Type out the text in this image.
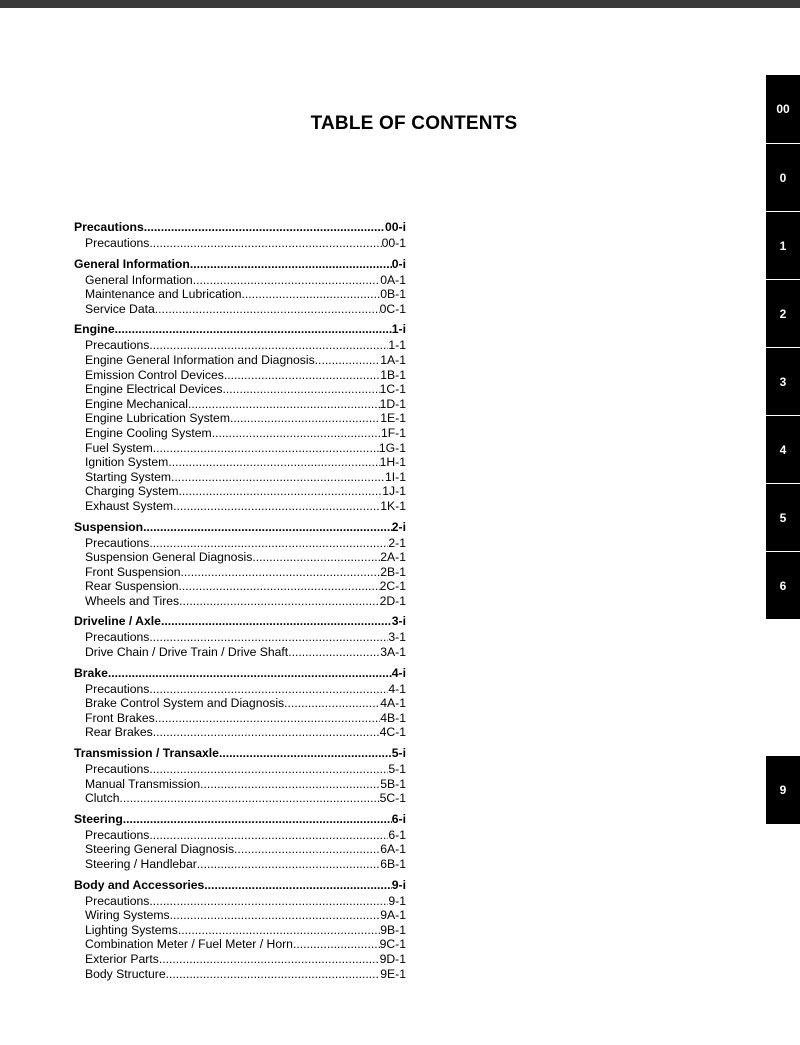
TABLE OF CONTENTS
Precautions .....	00-i
Precautions .....	00-1
General Information .....	0-i
General Information .....	0A-1
Maintenance and Lubrication .....	0B-1
Service Data .....	0C-1
Engine .....	1-i
Precautions .....	1-1
Engine General Information and Diagnosis .....	1A-1
Emission Control Devices .....	1B-1
Engine Electrical Devices .....	1C-1
Engine Mechanical .....	1D-1
Engine Lubrication System .....	1E-1
Engine Cooling System .....	1F-1
Fuel System .....	1G-1
Ignition System .....	1H-1
Starting System .....	1I-1
Charging System .....	1J-1
Exhaust System .....	1K-1
Suspension .....	2-i
Precautions .....	2-1
Suspension General Diagnosis .....	2A-1
Front Suspension .....	2B-1
Rear Suspension .....	2C-1
Wheels and Tires .....	2D-1
Driveline / Axle .....	3-i
Precautions .....	3-1
Drive Chain / Drive Train / Drive Shaft .....	3A-1
Brake .....	4-i
Precautions .....	4-1
Brake Control System and Diagnosis .....	4A-1
Front Brakes .....	4B-1
Rear Brakes .....	4C-1
Transmission / Transaxle .....	5-i
Precautions .....	5-1
Manual Transmission .....	5B-1
Clutch .....	5C-1
Steering .....	6-i
Precautions .....	6-1
Steering General Diagnosis .....	6A-1
Steering / Handlebar .....	6B-1
Body and Accessories .....	9-i
Precautions .....	9-1
Wiring Systems .....	9A-1
Lighting Systems .....	9B-1
Combination Meter / Fuel Meter / Horn .....	9C-1
Exterior Parts .....	9D-1
Body Structure .....	9E-1
00
0
1
2
3
4
5
6
9
